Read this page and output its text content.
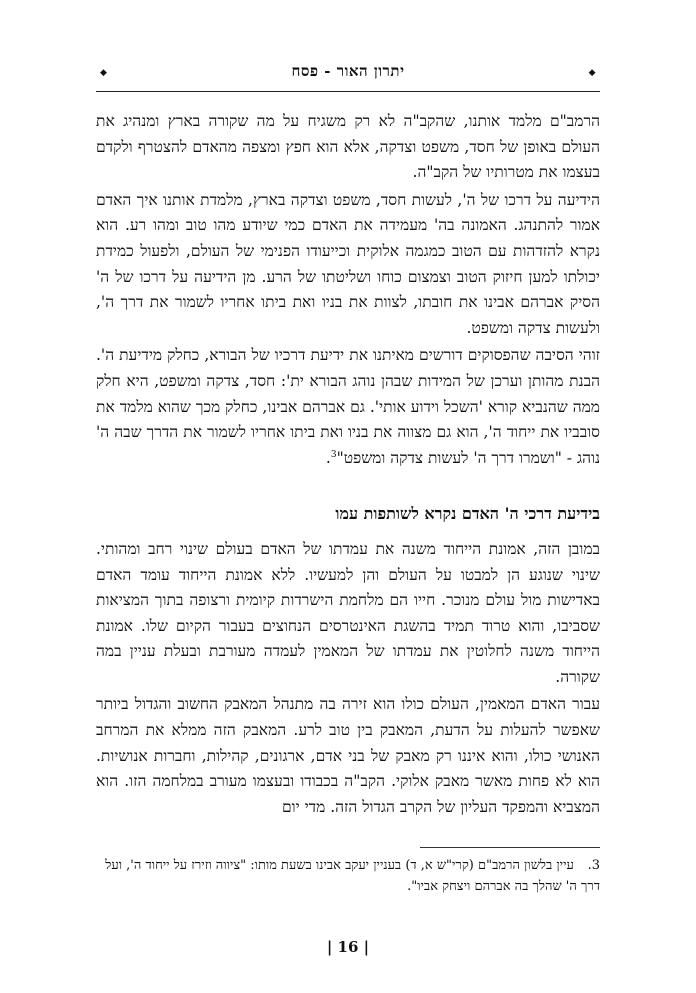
◆
יתרון האור - פסח
◆

הרמב"ם מלמד אותנו, שהקב"ה לא רק משגיח על מה שקורה בארץ ומנהיג את העולם באופן של חסד, משפט וצדקה, אלא הוא חפץ ומצפה מהאדם להצטרף ולקדם בעצמו את מטרותיו של הקב"ה.

הידיעה על דרכו של ה', לעשות חסד, משפט וצדקה בארץ, מלמדת אותנו איך האדם אמור להתנהג. האמונה בה' מעמידה את האדם כמי שיודע מהו טוב ומהו רע. הוא נקרא להזדהות עם הטוב כמגמה אלוקית וכייעודו הפנימי של העולם, ולפעול כמידת יכולתו למען חיזוק הטוב וצמצום כוחו ושליטתו של הרע. מן הידיעה על דרכו של ה' הסיק אברהם אבינו את חובתו, לצוות את בניו ואת ביתו אחריו לשמור את דרך ה', ולעשות צדקה ומשפט.

זוהי הסיבה שהפסוקים דורשים מאיתנו את ידיעת דרכיו של הבורא, כחלק מידיעת ה'. הבנת מהותן וערכן של המידות שבהן נוהג הבורא ית': חסד, צדקה ומשפט, היא חלק ממה שהנביא קורא 'השכל וידוע אותי'. גם אברהם אבינו, כחלק מכך שהוא מלמד את סובביו את ייחוד ה', הוא גם מצווה את בניו ואת ביתו אחריו לשמור את הדרך שבה ה' נוהג - "ושמרו דרך ה' לעשות צדקה ומשפט"$^3$.

בידיעת דרכי ה' האדם נקרא לשותפות עמו

במובן הזה, אמונת הייחוד משנה את עמדתו של האדם בעולם שינוי רחב ומהותי. שינוי שנוגע הן למבטו על העולם והן למעשיו. ללא אמונת הייחוד עומד האדם באדישות מול עולם מנוכר. חייו הם מלחמת הישרדות קיומית ורצופה בתוך המציאות שסביבו, והוא טרוד תמיד בהשגת האינטרסים הנחוצים בעבור הקיום שלו. אמונת הייחוד משנה לחלוטין את עמדתו של המאמין לעמדה מעורבת ובעלת עניין במה שקורה.

עבור האדם המאמין, העולם כולו הוא זירה בה מתנהל המאבק החשוב והגדול ביותר שאפשר להעלות על הדעת, המאבק בין טוב לרע. המאבק הזה ממלא את המרחב האנושי כולו, והוא איננו רק מאבק של בני אדם, ארגונים, קהילות, וחברות אנושיות. הוא לא פחות מאשר מאבק אלוקי. הקב"ה בכבודו ובעצמו מעורב במלחמה הזו. הוא המצביא והמפקד העליון של הקרב הגדול הזה. מדי יום

3. עיין בלשון הרמב"ם (קרי"ש א, ד) בעניין יעקב אבינו בשעת מותו: "ציווה וזירז על ייחוד ה', ועל דרך ה' שהלך בה אברהם ויצחק אביו".
| 16 |
